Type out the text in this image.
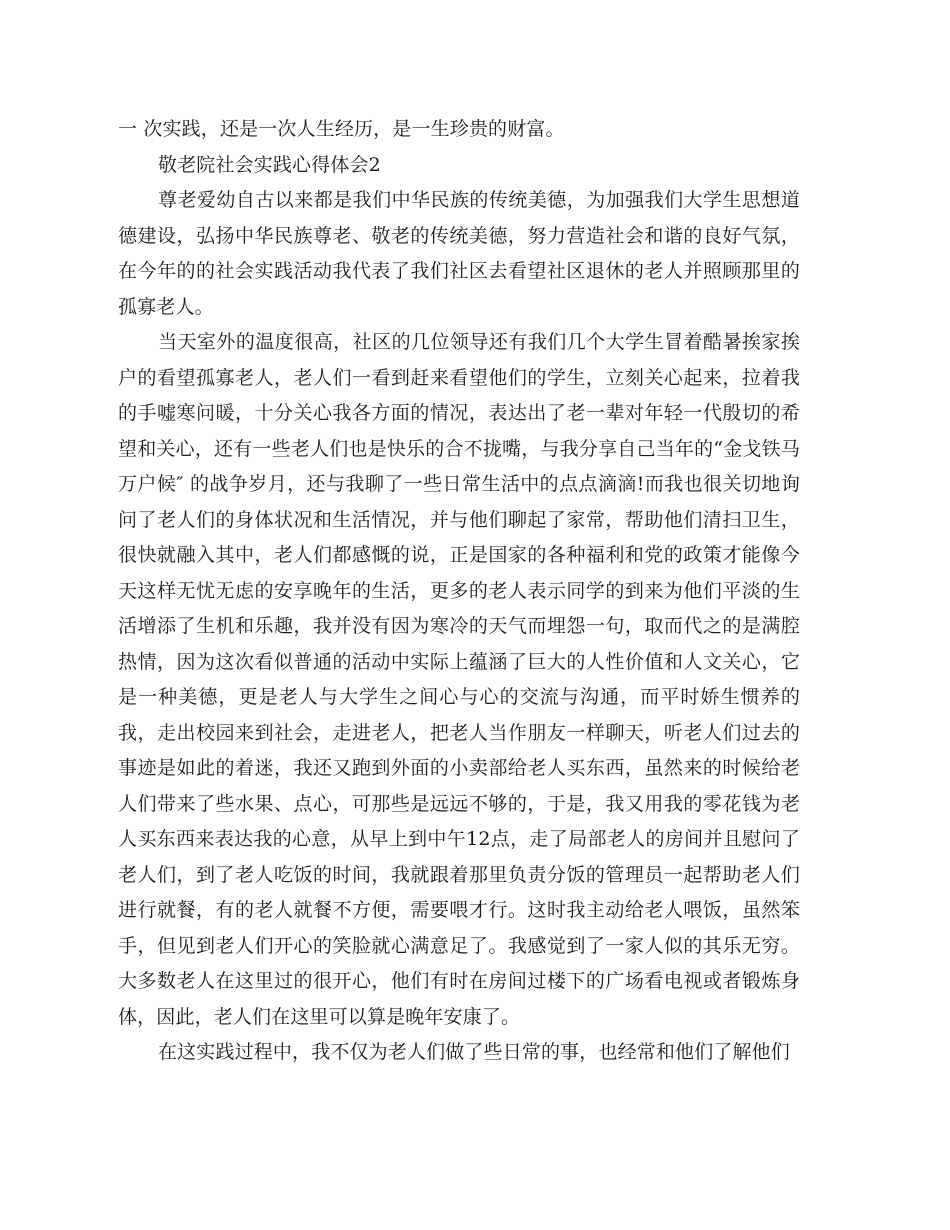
一 次实践，还是一次人生经历，是一生珍贵的财富。

敬老院社会实践心得体会2

尊老爱幼自古以来都是我们中华民族的传统美德，为加强我们大学生思想道德建设，弘扬中华民族尊老、敬老的传统美德，努力营造社会和谐的良好气氛，在今年的的社会实践活动我代表了我们社区去看望社区退休的老人并照顾那里的孤寡老人。

当天室外的温度很高，社区的几位领导还有我们几个大学生冒着酷暑挨家挨户的看望孤寡老人，老人们一看到赶来看望他们的学生，立刻关心起来，拉着我的手嘘寒问暖，十分关心我各方面的情况，表达出了老一辈对年轻一代殷切的希望和关心，还有一些老人们也是快乐的合不拢嘴，与我分享自己当年的“金戈铁马万户候″ 的战争岁月，还与我聊了一些日常生活中的点点滴滴!而我也很关切地询问了老人们的身体状况和生活情况，并与他们聊起了家常，帮助他们清扫卫生，很快就融入其中，老人们都感慨的说，正是国家的各种福利和党的政策才能像今天这样无忧无虑的安享晚年的生活，更多的老人表示同学的到来为他们平淡的生活增添了生机和乐趣，我并没有因为寒冷的天气而埋怨一句，取而代之的是满腔热情，因为这次看似普通的活动中实际上蕴涵了巨大的人性价值和人文关心，它是一种美德，更是老人与大学生之间心与心的交流与沟通，而平时娇生惯养的我，走出校园来到社会，走进老人，把老人当作朋友一样聊天，听老人们过去的事迹是如此的着迷，我还又跑到外面的小卖部给老人买东西，虽然来的时候给老人们带来了些水果、点心，可那些是远远不够的，于是，我又用我的零花钱为老人买东西来表达我的心意，从早上到中午12点，走了局部老人的房间并且慰问了老人们，到了老人吃饭的时间，我就跟着那里负责分饭的管理员一起帮助老人们进行就餐，有的老人就餐不方便，需要喂才行。这时我主动给老人喂饭，虽然笨手，但见到老人们开心的笑脸就心满意足了。我感觉到了一家人似的其乐无穷。大多数老人在这里过的很开心，他们有时在房间过楼下的广场看电视或者锻炼身体，因此，老人们在这里可以算是晚年安康了。

在这实践过程中，我不仅为老人们做了些日常的事，也经常和他们了解他们
